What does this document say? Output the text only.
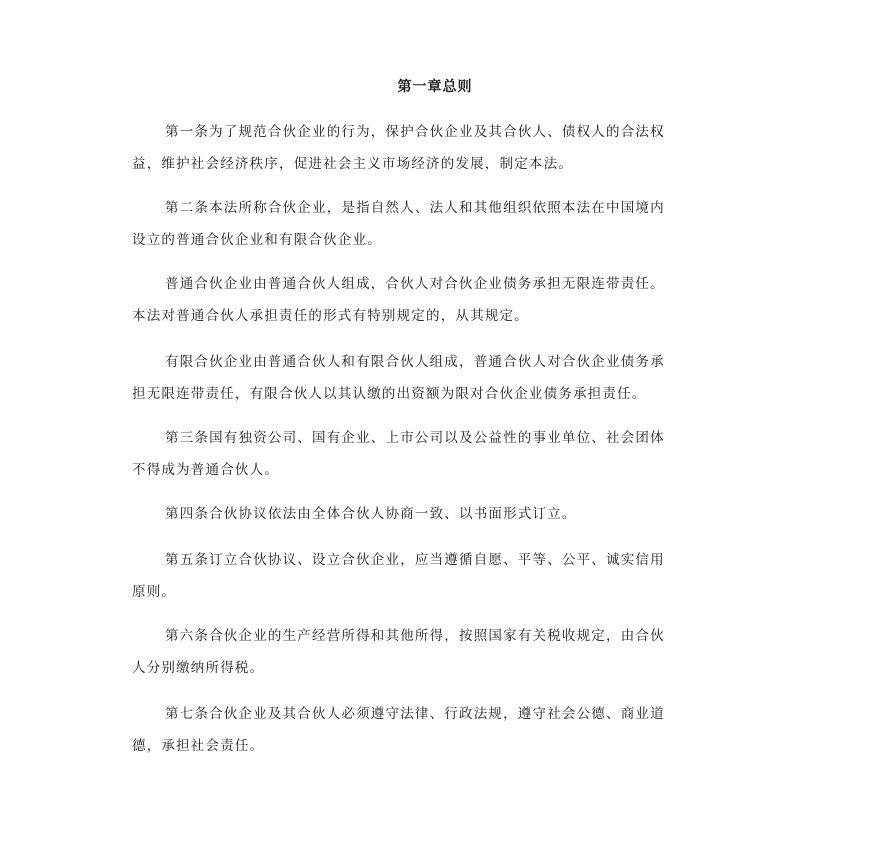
第一章总则

第一条为了规范合伙企业的行为，保护合伙企业及其合伙人、债权人的合法权
益，维护社会经济秩序，促进社会主义市场经济的发展，制定本法。

第二条本法所称合伙企业，是指自然人、法人和其他组织依照本法在中国境内
设立的普通合伙企业和有限合伙企业。

普通合伙企业由普通合伙人组成，合伙人对合伙企业债务承担无限连带责任。
本法对普通合伙人承担责任的形式有特别规定的，从其规定。

有限合伙企业由普通合伙人和有限合伙人组成，普通合伙人对合伙企业债务承
担无限连带责任，有限合伙人以其认缴的出资额为限对合伙企业债务承担责任。

第三条国有独资公司、国有企业、上市公司以及公益性的事业单位、社会团体
不得成为普通合伙人。

第四条合伙协议依法由全体合伙人协商一致、以书面形式订立。

第五条订立合伙协议、设立合伙企业，应当遵循自愿、平等、公平、诚实信用
原则。

第六条合伙企业的生产经营所得和其他所得，按照国家有关税收规定，由合伙
人分别缴纳所得税。

第七条合伙企业及其合伙人必须遵守法律、行政法规，遵守社会公德、商业道
德，承担社会责任。
